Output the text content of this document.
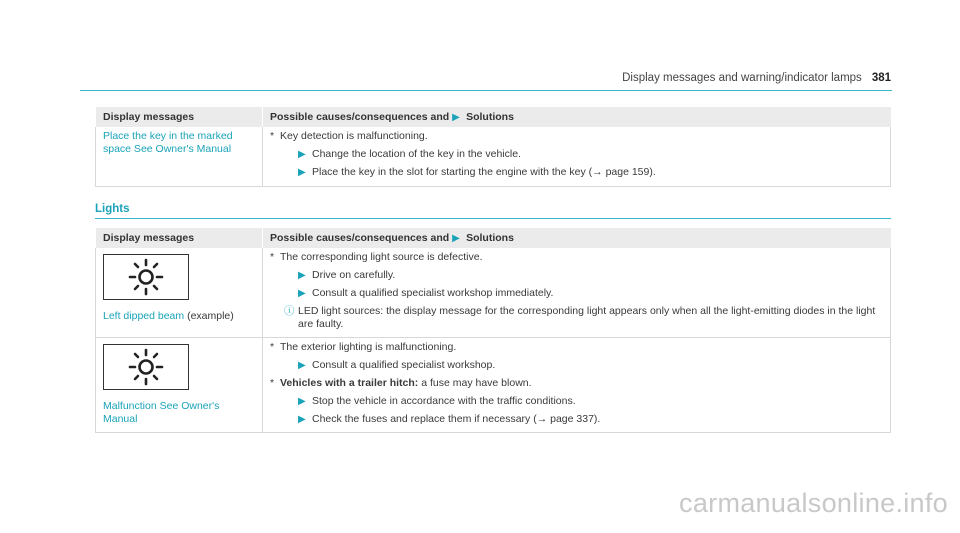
Display messages and warning/indicator lamps 381
Display messages	Possible causes/consequences and ▶ Solutions
Place the key in the marked space See Owner's Manual	* Key detection is malfunctioning.
▶ Change the location of the key in the vehicle.
▶ Place the key in the slot for starting the engine with the key (→ page 159).
Lights
Display messages	Possible causes/consequences and ▶ Solutions

Left dipped beam (example)	* The corresponding light source is defective.
▶ Drive on carefully.
▶ Consult a qualified specialist workshop immediately.
ⓘ LED light sources: the display message for the corresponding light appears only when all the light-emitting diodes in the light are faulty.

Malfunction See Owner's Manual	* The exterior lighting is malfunctioning.
▶ Consult a qualified specialist workshop.
* Vehicles with a trailer hitch: a fuse may have blown.
▶ Stop the vehicle in accordance with the traffic conditions.
▶ Check the fuses and replace them if necessary (→ page 337).
carmanualsonline.info
